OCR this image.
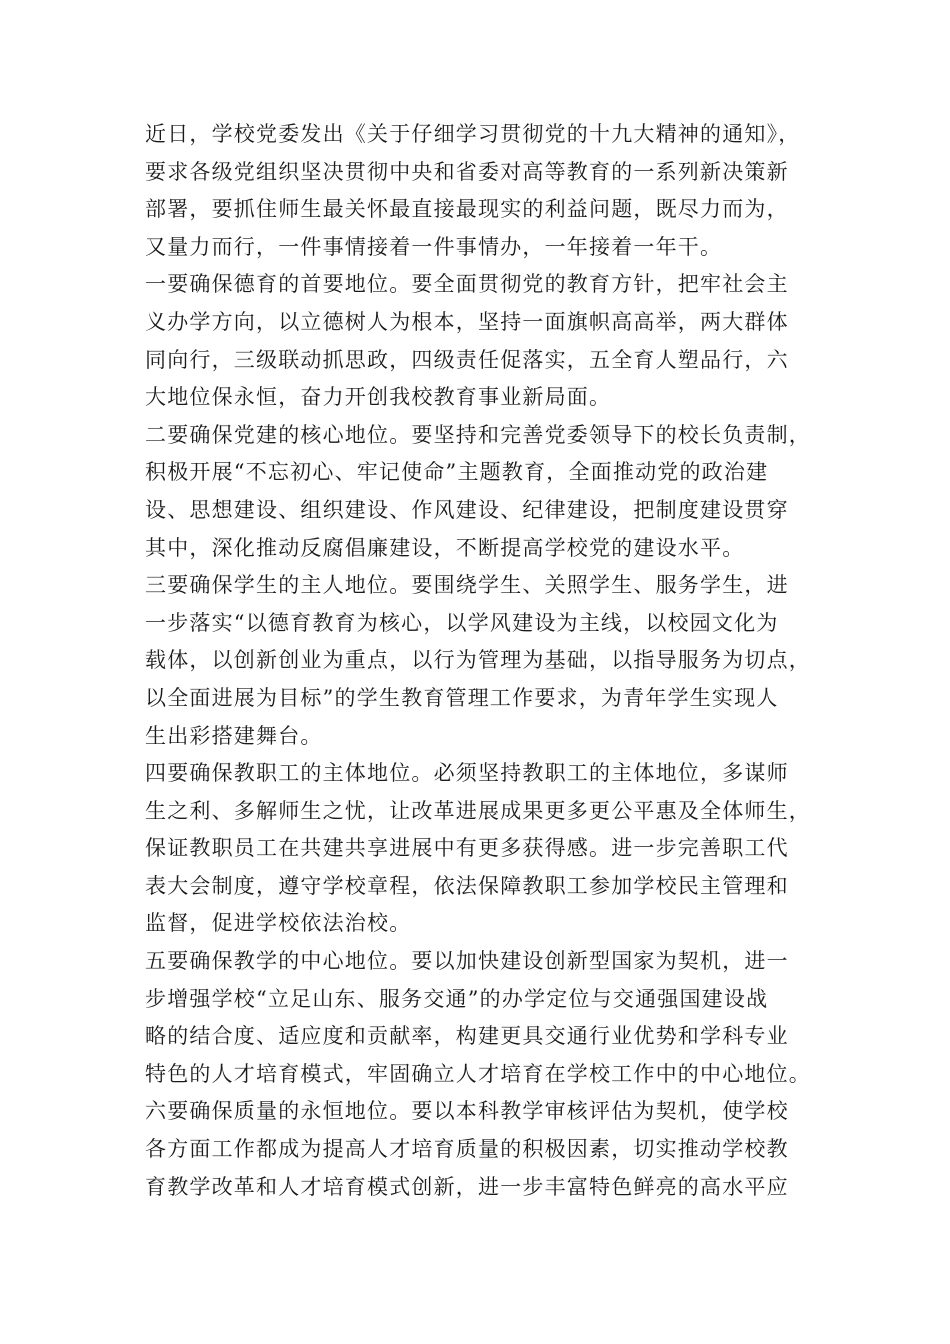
近日，学校党委发出《关于仔细学习贯彻党的十九大精神的通知》，
要求各级党组织坚决贯彻中央和省委对高等教育的一系列新决策新
部署，要抓住师生最关怀最直接最现实的利益问题，既尽力而为，
又量力而行，一件事情接着一件事情办，一年接着一年干。
一要确保德育的首要地位。要全面贯彻党的教育方针，把牢社会主
义办学方向，以立德树人为根本，坚持一面旗帜高高举，两大群体
同向行，三级联动抓思政，四级责任促落实，五全育人塑品行，六
大地位保永恒，奋力开创我校教育事业新局面。
二要确保党建的核心地位。要坚持和完善党委领导下的校长负责制，
积极开展“不忘初心、牢记使命”主题教育，全面推动党的政治建
设、思想建设、组织建设、作风建设、纪律建设，把制度建设贯穿
其中，深化推动反腐倡廉建设，不断提高学校党的建设水平。
三要确保学生的主人地位。要围绕学生、关照学生、服务学生，进
一步落实“以德育教育为核心，以学风建设为主线，以校园文化为
载体，以创新创业为重点，以行为管理为基础，以指导服务为切点，
以全面进展为目标”的学生教育管理工作要求，为青年学生实现人
生出彩搭建舞台。
四要确保教职工的主体地位。必须坚持教职工的主体地位，多谋师
生之利、多解师生之忧，让改革进展成果更多更公平惠及全体师生，
保证教职员工在共建共享进展中有更多获得感。进一步完善职工代
表大会制度，遵守学校章程，依法保障教职工参加学校民主管理和
监督，促进学校依法治校。
五要确保教学的中心地位。要以加快建设创新型国家为契机，进一
步增强学校“立足山东、服务交通”的办学定位与交通强国建设战
略的结合度、适应度和贡献率，构建更具交通行业优势和学科专业
特色的人才培育模式，牢固确立人才培育在学校工作中的中心地位。
六要确保质量的永恒地位。要以本科教学审核评估为契机，使学校
各方面工作都成为提高人才培育质量的积极因素，切实推动学校教
育教学改革和人才培育模式创新，进一步丰富特色鲜亮的高水平应
